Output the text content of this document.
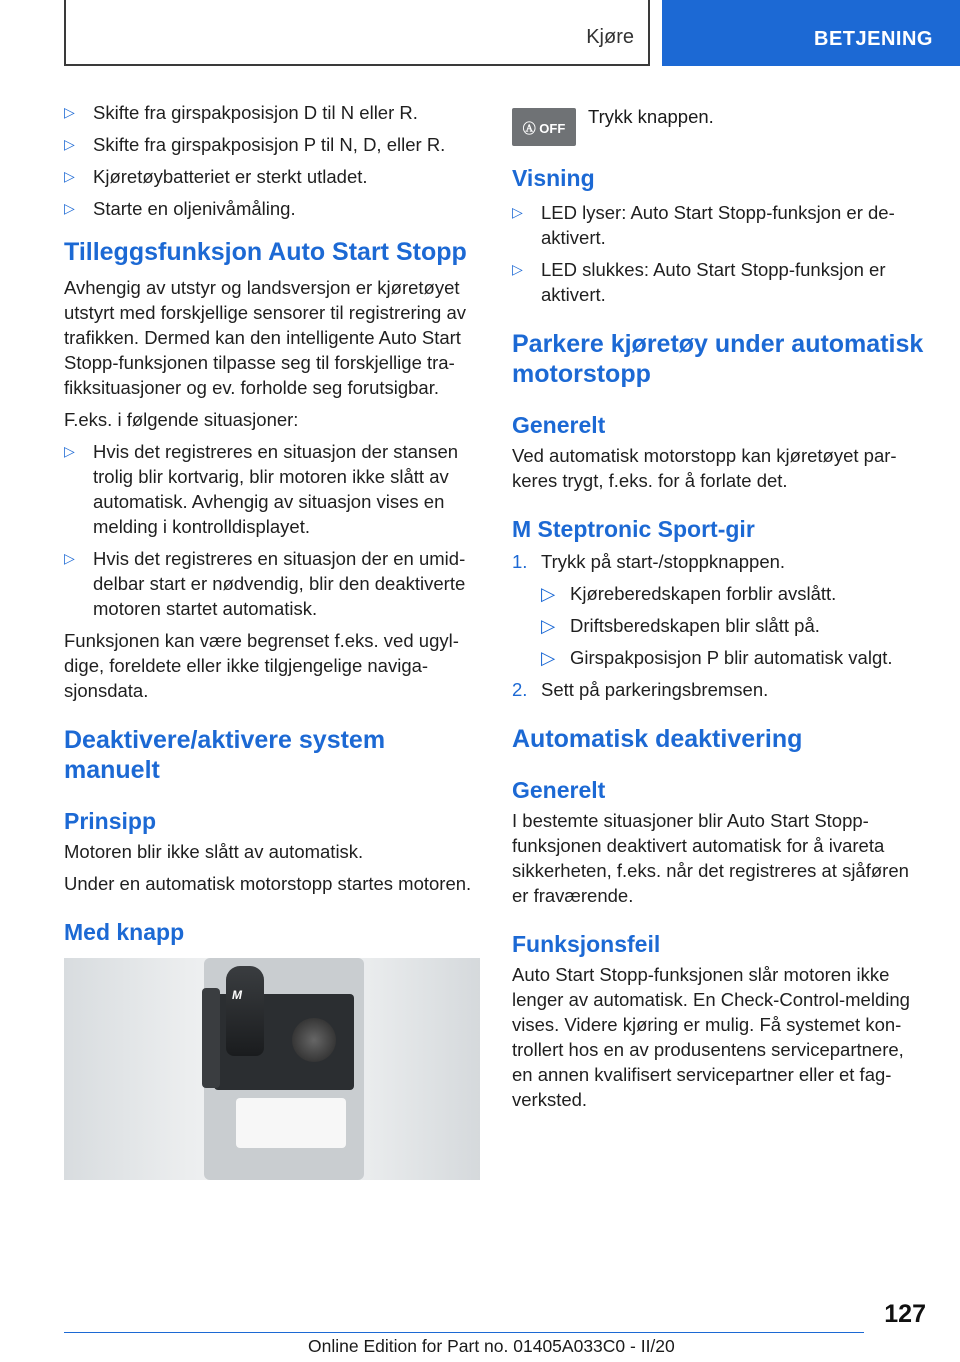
Kjøre	BETJENING
▷ Skifte fra girspakposisjon D til N eller R.
▷ Skifte fra girspakposisjon P til N, D, eller R.
▷ Kjøretøybatteriet er sterkt utladet.
▷ Starte en oljenivåmåling.
Tilleggsfunksjon Auto Start Stopp

Avhengig av utstyr og landsversjon er kjøretøyet utstyrt med forskjellige sensorer til registrering av trafikken. Dermed kan den intelligente Auto Start Stopp-funksjonen tilpasse seg til forskjellige trafikksituasjoner og ev. forholde seg forutsigbar.

F.eks. i følgende situasjoner:

▷ Hvis det registreres en situasjon der stansen trolig blir kortvarig, blir motoren ikke slått av automatisk. Avhengig av situasjon vises en melding i kontrolldisplayet.
▷ Hvis det registreres en situasjon der en umiddelbar start er nødvendig, blir den deaktiverte motoren startet automatisk.

Funksjonen kan være begrenset f.eks. ved ugyldige, foreldete eller ikke tilgjengelige navigasjonsdata.

Deaktivere/aktivere system manuelt
Prinsipp

Motoren blir ikke slått av automatisk.

Under en automatisk motorstopp startes motoren.

Med knapp
M
Ⓐ OFF
Trykk knappen.
Visning
▷ LED lyser: Auto Start Stopp-funksjon er deaktivert.
▷ LED slukkes: Auto Start Stopp-funksjon er aktivert.
Parkere kjøretøy under automatisk motorstopp
Generelt

Ved automatisk motorstopp kan kjøretøyet parkeres trygt, f.eks. for å forlate det.

M Steptronic Sport-gir
1. Trykk på start-/stoppknappen.
▷ Kjøreberedskapen forblir avslått.
▷ Driftsberedskapen blir slått på.
▷ Girspakposisjon P blir automatisk valgt.
2. Sett på parkeringsbremsen.
Automatisk deaktivering
Generelt

I bestemte situasjoner blir Auto Start Stopp-funksjonen deaktivert automatisk for å ivareta sikkerheten, f.eks. når det registreres at sjåføren er fraværende.

Funksjonsfeil

Auto Start Stopp-funksjonen slår motoren ikke lenger av automatisk. En Check-Control-melding vises. Videre kjøring er mulig. Få systemet kontrollert hos en av produsentens servicepartnere, en annen kvalifisert servicepartner eller et fagverksted.

127
Online Edition for Part no. 01405A033C0 - II/20
